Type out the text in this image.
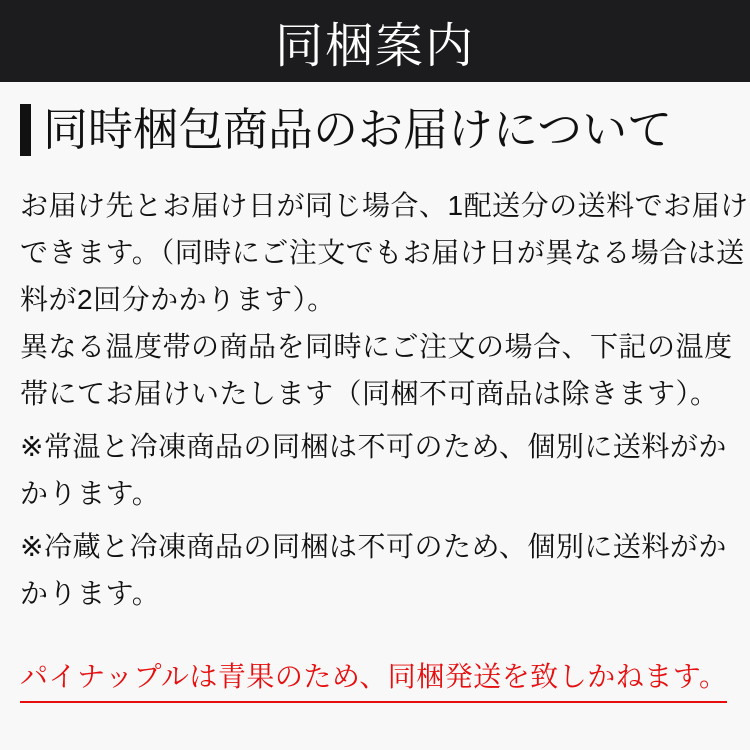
同梱案内
同時梱包商品のお届けについて
お届け先とお届け日が同じ場合、1配送分の送料でお届け
できます。（同時にご注文でもお届け日が異なる場合は送
料が2回分かかります）。
異なる温度帯の商品を同時にご注文の場合、下記の温度
帯にてお届けいたします（同梱不可商品は除きます）。
※常温と冷凍商品の同梱は不可のため、個別に送料がか
かります。
※冷蔵と冷凍商品の同梱は不可のため、個別に送料がか
かります。
パイナップルは青果のため、同梱発送を致しかねます。
